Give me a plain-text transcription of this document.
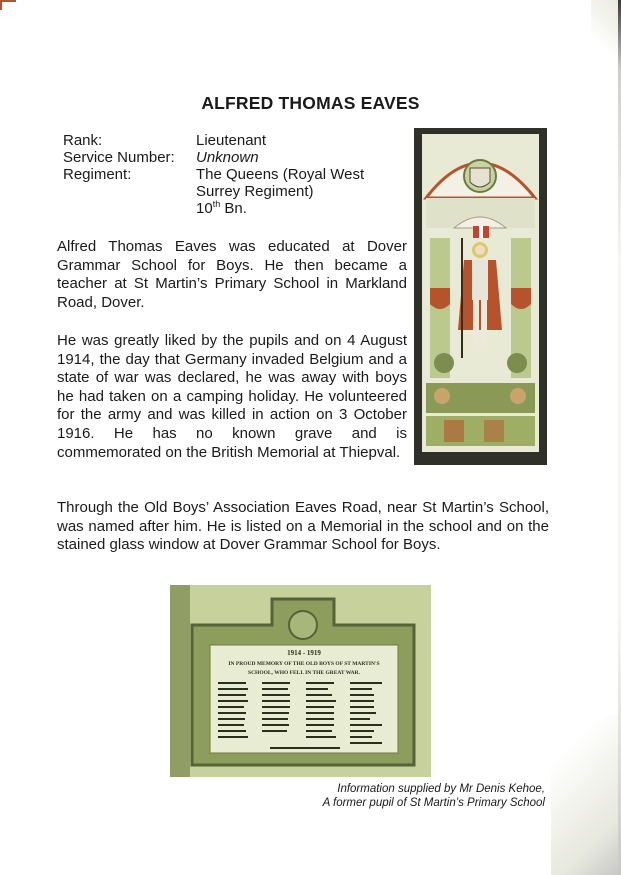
ALFRED THOMAS EAVES
Rank:	Lieutenant
Service Number:	Unknown
Regiment:	The Queens (Royal West
Surrey Regiment)
10th Bn.

Alfred Thomas Eaves was educated at Dover Grammar School for Boys. He then became a teacher at St Martin’s Primary School in Markland Road, Dover.

He was greatly liked by the pupils and on 4 August 1914, the day that Germany invaded Belgium and a state of war was declared, he was away with boys he had taken on a camping holiday. He volunteered for the army and was killed in action on 3 October 1916. He has no known grave and is commemorated on the British Memorial at Thiepval.

Through the Old Boys’ Association Eaves Road, near St Martin’s School, was named after him. He is listed on a Memorial in the school and on the stained glass window at Dover Grammar School for Boys.

1914 - 1919
IN PROUD MEMORY OF THE OLD BOYS OF ST MARTIN'S
SCHOOL, WHO FELL IN THE GREAT WAR.
Information supplied by Mr Denis Kehoe,
A former pupil of St Martin’s Primary School
